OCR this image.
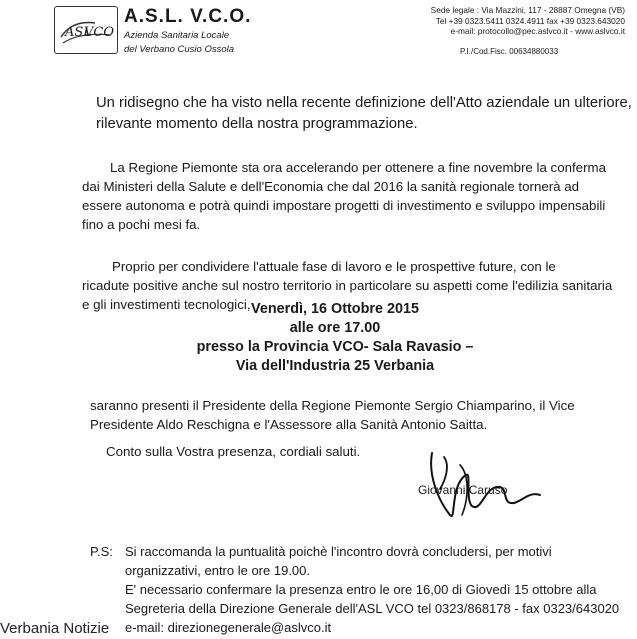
ASL
VCO
A.S.L. V.C.O.
Azienda Sanitaria Locale
del Verbano Cusio Ossola
Sede legale : Via Mazzini, 117 - 28887 Omegna (VB)
Tel +39 0323.5411 0324.4911 fax +39 0323.643020
e-mail: protocollo@pec.aslvco.it - www.aslvco.it
P.I./Cod.Fisc. 00634880033
Un ridisegno che ha visto nella recente definizione dell'Atto aziendale un ulteriore,
rilevante momento della nostra programmazione.
La Regione Piemonte sta ora accelerando per ottenere a fine novembre la conferma
dai Ministeri della Salute e dell'Economia che dal 2016 la sanità regionale tornerà ad
essere autonoma e potrà quindi impostare progetti di investimento e sviluppo impensabili
fino a pochi mesi fa.
Proprio per condividere l'attuale fase di lavoro e le prospettive future, con le
ricadute positive anche sul nostro territorio in particolare su aspetti come l'edilizia sanitaria
e gli investimenti tecnologici, Venerdì, 16 Ottobre 2015
alle ore 17.00
presso la Provincia VCO- Sala Ravasio –
Via dell'Industria 25 Verbania
saranno presenti il Presidente della Regione Piemonte Sergio Chiamparino, il Vice
Presidente Aldo Reschigna e l'Assessore alla Sanità Antonio Saitta.
Conto sulla Vostra presenza, cordiali saluti.
Giovanni Caruso
P.S: Si raccomanda la puntualità poichè l'incontro dovrà concludersi, per motivi
organizzativi, entro le ore 19.00.
E' necessario confermare la presenza entro le ore 16,00 di Giovedì 15 ottobre alla
Segreteria della Direzione Generale dell'ASL VCO tel 0323/868178 - fax 0323/643020
e-mail: direzionegenerale@aslvco.it
Verbania Notizie
